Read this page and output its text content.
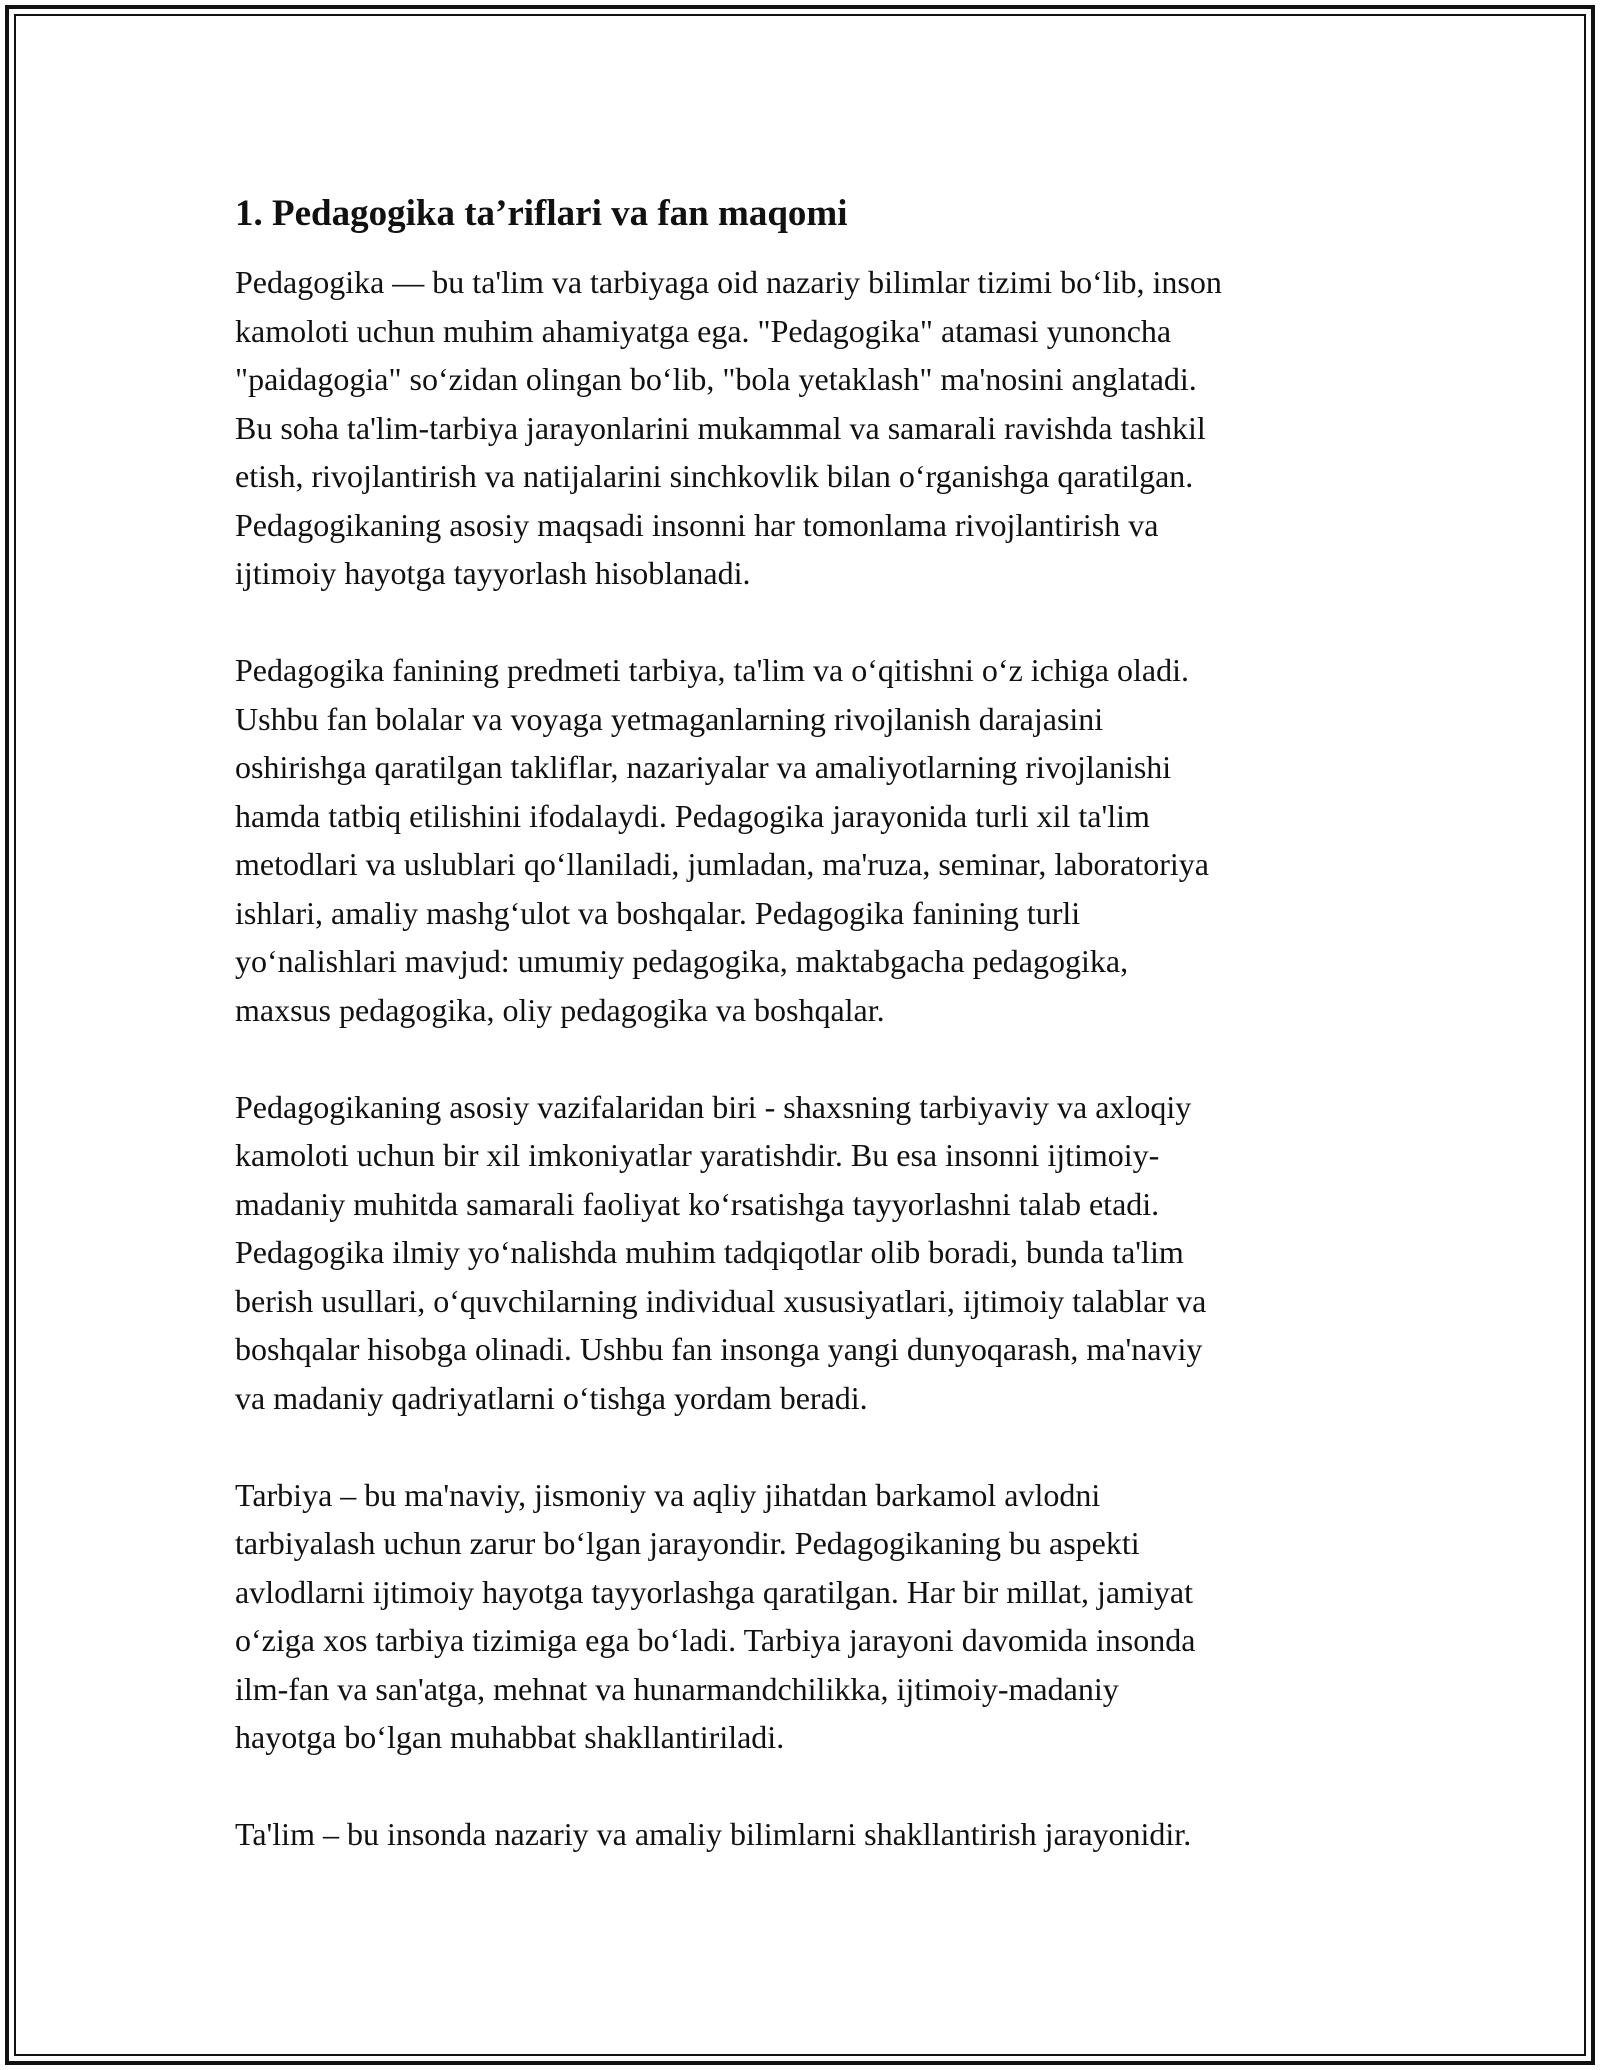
1. Pedagogika ta’riflari va fan maqomi

Pedagogika — bu ta'lim va tarbiyaga oid nazariy bilimlar tizimi bo‘lib, inson
kamoloti uchun muhim ahamiyatga ega. "Pedagogika" atamasi yunoncha
"paidagogia" so‘zidan olingan bo‘lib, "bola yetaklash" ma'nosini anglatadi.
Bu soha ta'lim-tarbiya jarayonlarini mukammal va samarali ravishda tashkil
etish, rivojlantirish va natijalarini sinchkovlik bilan o‘rganishga qaratilgan.
Pedagogikaning asosiy maqsadi insonni har tomonlama rivojlantirish va
ijtimoiy hayotga tayyorlash hisoblanadi.

Pedagogika fanining predmeti tarbiya, ta'lim va o‘qitishni o‘z ichiga oladi.
Ushbu fan bolalar va voyaga yetmaganlarning rivojlanish darajasini
oshirishga qaratilgan takliflar, nazariyalar va amaliyotlarning rivojlanishi
hamda tatbiq etilishini ifodalaydi. Pedagogika jarayonida turli xil ta'lim
metodlari va uslublari qo‘llaniladi, jumladan, ma'ruza, seminar, laboratoriya
ishlari, amaliy mashg‘ulot va boshqalar. Pedagogika fanining turli
yo‘nalishlari mavjud: umumiy pedagogika, maktabgacha pedagogika,
maxsus pedagogika, oliy pedagogika va boshqalar.

Pedagogikaning asosiy vazifalaridan biri - shaxsning tarbiyaviy va axloqiy
kamoloti uchun bir xil imkoniyatlar yaratishdir. Bu esa insonni ijtimoiy-
madaniy muhitda samarali faoliyat ko‘rsatishga tayyorlashni talab etadi.
Pedagogika ilmiy yo‘nalishda muhim tadqiqotlar olib boradi, bunda ta'lim
berish usullari, o‘quvchilarning individual xususiyatlari, ijtimoiy talablar va
boshqalar hisobga olinadi. Ushbu fan insonga yangi dunyoqarash, ma'naviy
va madaniy qadriyatlarni o‘tishga yordam beradi.

Tarbiya – bu ma'naviy, jismoniy va aqliy jihatdan barkamol avlodni
tarbiyalash uchun zarur bo‘lgan jarayondir. Pedagogikaning bu aspekti
avlodlarni ijtimoiy hayotga tayyorlashga qaratilgan. Har bir millat, jamiyat
o‘ziga xos tarbiya tizimiga ega bo‘ladi. Tarbiya jarayoni davomida insonda
ilm-fan va san'atga, mehnat va hunarmandchilikka, ijtimoiy-madaniy
hayotga bo‘lgan muhabbat shakllantiriladi.

Ta'lim – bu insonda nazariy va amaliy bilimlarni shakllantirish jarayonidir.
